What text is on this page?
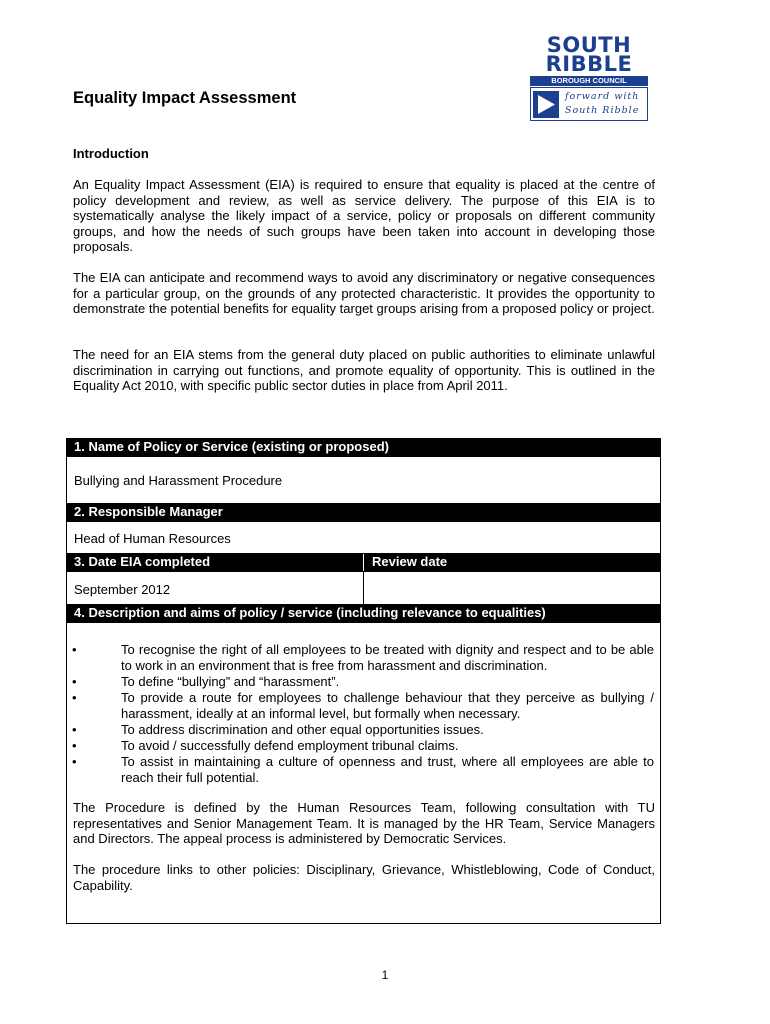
SOUTH
RIBBLE
BOROUGH COUNCIL
forward with
South Ribble
Equality Impact Assessment
Introduction
An Equality Impact Assessment (EIA) is required to ensure that equality is placed at the centre of policy development and review, as well as service delivery. The purpose of this EIA is to systematically analyse the likely impact of a service, policy or proposals on different community groups, and how the needs of such groups have been taken into account in developing those proposals.
The EIA can anticipate and recommend ways to avoid any discriminatory or negative consequences for a particular group, on the grounds of any protected characteristic. It provides the opportunity to demonstrate the potential benefits for equality target groups arising from a proposed policy or project.
The need for an EIA stems from the general duty placed on public authorities to eliminate unlawful discrimination in carrying out functions, and promote equality of opportunity. This is outlined in the Equality Act 2010, with specific public sector duties in place from April 2011.
1. Name of Policy or Service (existing or proposed)
Bullying and Harassment Procedure
2. Responsible Manager
Head of Human Resources
3. Date EIA completed	Review date
September 2012
4. Description and aims of policy / service (including relevance to equalities)
•	To recognise the right of all employees to be treated with dignity and respect and to be able to work in an environment that is free from harassment and discrimination.
•	To define “bullying” and “harassment”.
•	To provide a route for employees to challenge behaviour that they perceive as bullying / harassment, ideally at an informal level, but formally when necessary.
•	To address discrimination and other equal opportunities issues.
•	To avoid / successfully defend employment tribunal claims.
•	To assist in maintaining a culture of openness and trust, where all employees are able to reach their full potential.
The Procedure is defined by the Human Resources Team, following consultation with TU representatives and Senior Management Team. It is managed by the HR Team, Service Managers and Directors. The appeal process is administered by Democratic Services.
The procedure links to other policies: Disciplinary, Grievance, Whistleblowing, Code of Conduct, Capability.
1
